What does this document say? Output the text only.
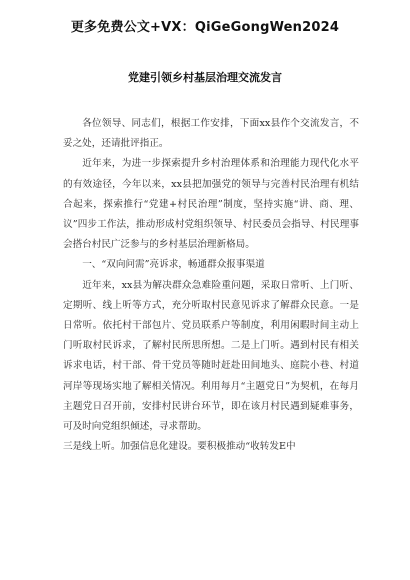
更多免费公文+VX：QiGeGongWen2024
党建引领乡村基层治理交流发言

各位领导、同志们，根据工作安排，下面xx县作个交流发言，不妥之处，还请批评指正。

近年来，为进一步探索提升乡村治理体系和治理能力现代化水平的有效途径，今年以来，xx县把加强党的领导与完善村民治理有机结合起来，探索推行“党建+村民治理”制度，坚持实施“讲、商、理、议”四步工作法，推动形成村党组织领导、村民委员会指导、村民理事会搭台村民广泛参与的乡村基层治理新格局。

一、“双向问需”亮诉求，畅通群众报事渠道

近年来，xx县为解决群众急难险重问题，采取日常听、上门听、定期听、线上听等方式，充分听取村民意见诉求了解群众民意。一是日常听。依托村干部包片、党员联系户等制度，利用闲暇时间主动上门听取村民诉求，了解村民所思所想。二是上门听。遇到村民有相关诉求电话，村干部、骨干党员等随时赶赴田间地头、庭院小巷、村道河岸等现场实地了解相关情况。利用每月“主题党日”为契机，在每月主题党日召开前，安排村民讲台环节，即在该月村民遇到疑难事务，可及时向党组织倾述，寻求帮助。

三是线上听。加强信息化建设。要积极推动“收转发E中
